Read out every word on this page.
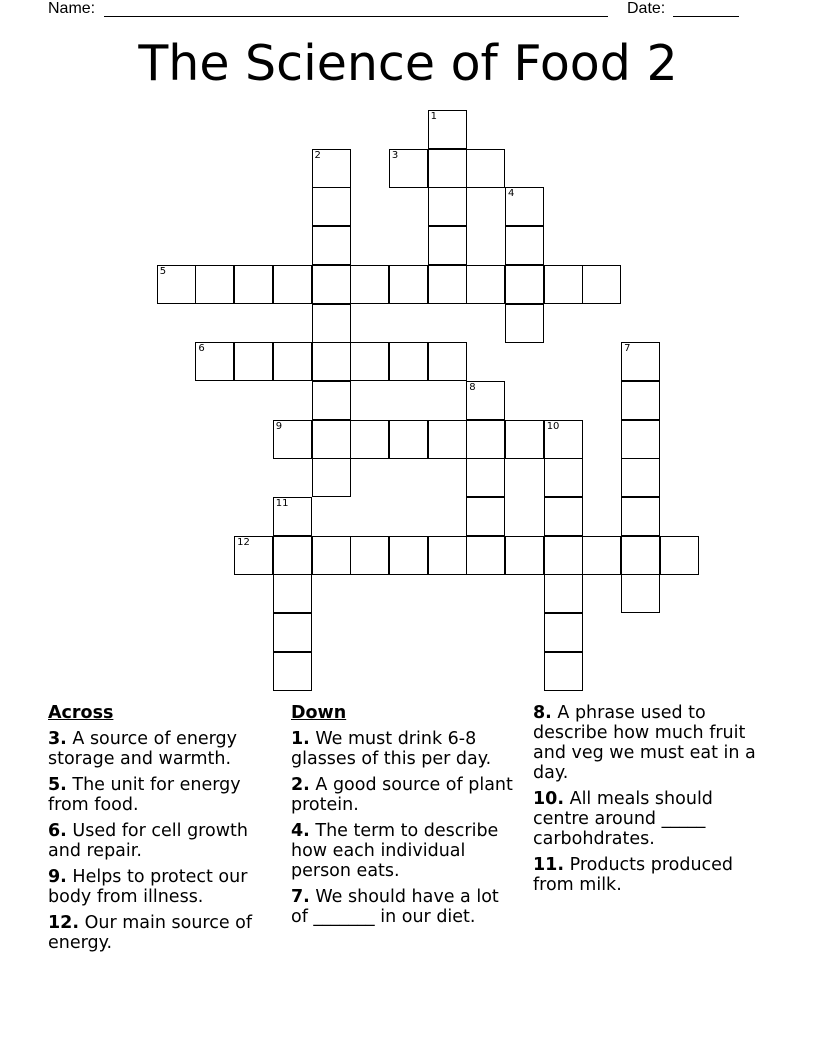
Name:	Date:
The Science of Food 2
1
2	3
4
5
6	7
8
9	10
11
12
Across
3. A source of energy storage and warmth.
5. The unit for energy from food.
6. Used for cell growth and repair.
9. Helps to protect our body from illness.
12. Our main source of energy.
Down
1. We must drink 6-8 glasses of this per day.
2. A good source of plant protein.
4. The term to describe how each individual person eats.
7. We should have a lot of _______ in our diet.
8. A phrase used to describe how much fruit and veg we must eat in a day.
10. All meals should centre around _____ carbohdrates.
11. Products produced from milk.
